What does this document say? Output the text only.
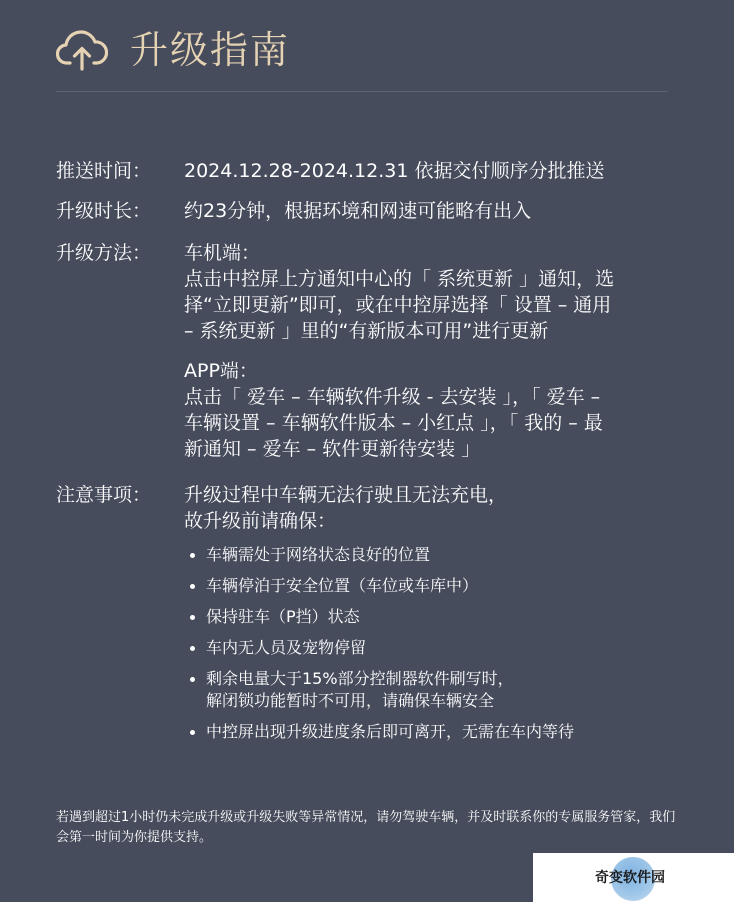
升级指南
推送时间：	2024.12.28-2024.12.31 依据交付顺序分批推送
升级时长：	约23分钟，根据环境和网速可能略有出入
升级方法：	车机端：
点击中控屏上方通知中心的「 系统更新 」通知，选
择“立即更新”即可，或在中控屏选择「 设置 – 通用
– 系统更新 」里的“有新版本可用”进行更新
APP端：
点击「 爱车 – 车辆软件升级 - 去安装 」，「 爱车 –
车辆设置 – 车辆软件版本 – 小红点 」，「 我的 – 最
新通知 – 爱车 – 软件更新待安装 」
注意事项：	升级过程中车辆无法行驶且无法充电，
故升级前请确保：
车辆需处于网络状态良好的位置
车辆停泊于安全位置（车位或车库中）
保持驻车（P挡）状态
车内无人员及宠物停留
剩余电量大于15%部分控制器软件刷写时，
解闭锁功能暂时不可用，请确保车辆安全
中控屏出现升级进度条后即可离开，无需在车内等待
若遇到超过1小时仍未完成升级或升级失败等异常情况，请勿驾驶车辆，并及时联系你的专属服务管家，我们会第一时间为你提供支持。
奇变软件园
